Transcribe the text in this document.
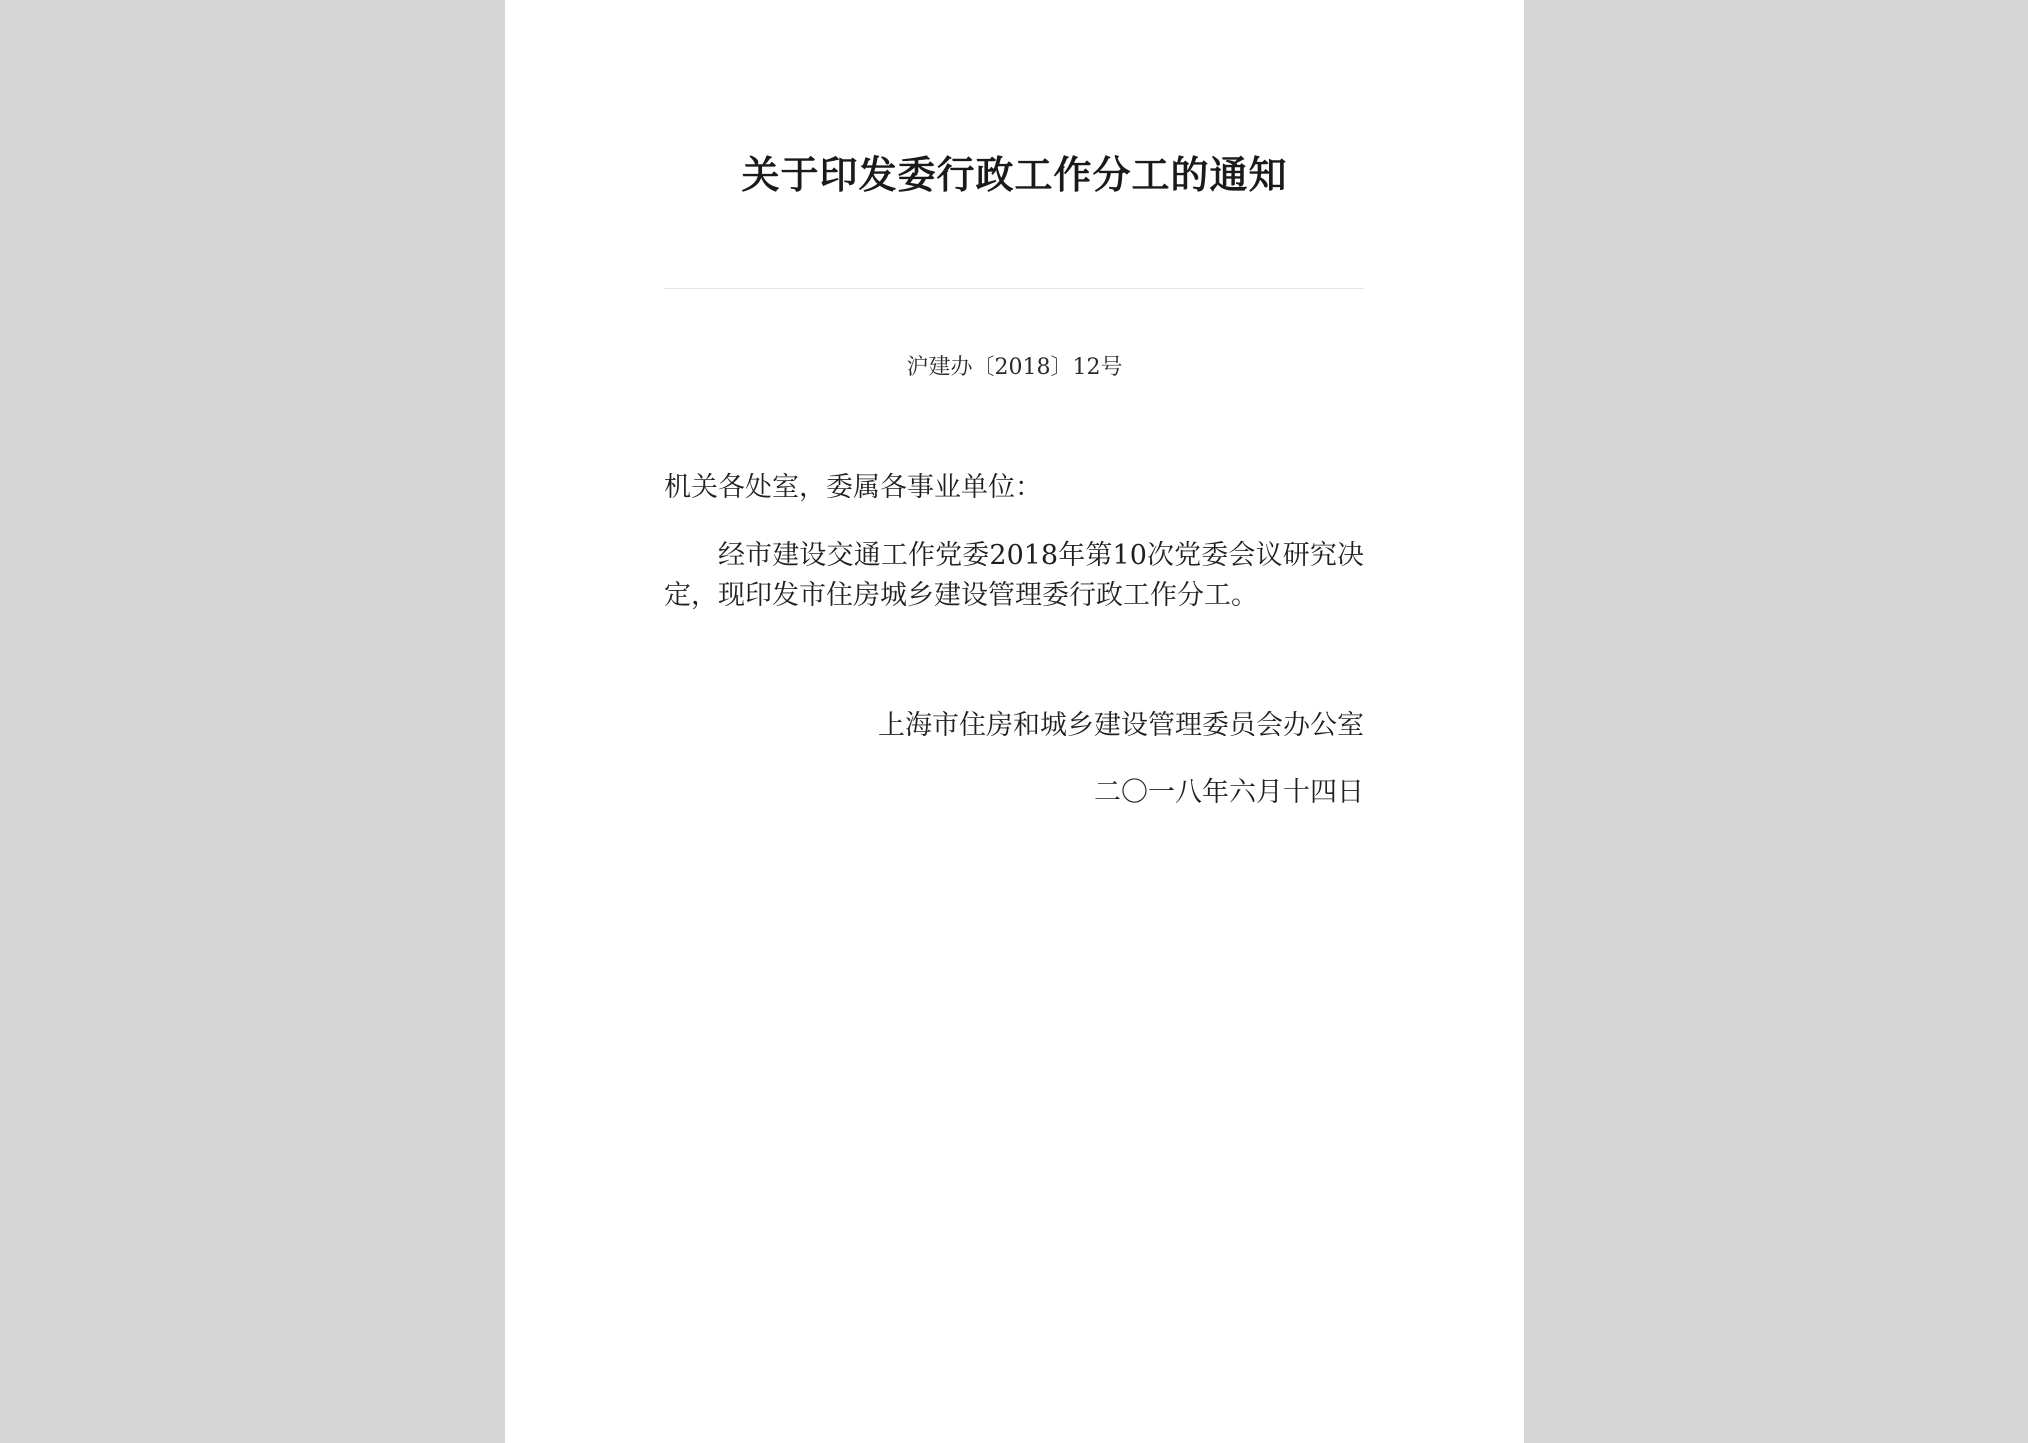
关于印发委行政工作分工的通知
沪建办〔2018〕12号
机关各处室，委属各事业单位：
经市建设交通工作党委2018年第10次党委会议研究决定，现印发市住房城乡建设管理委行政工作分工。
上海市住房和城乡建设管理委员会办公室
二〇一八年六月十四日
